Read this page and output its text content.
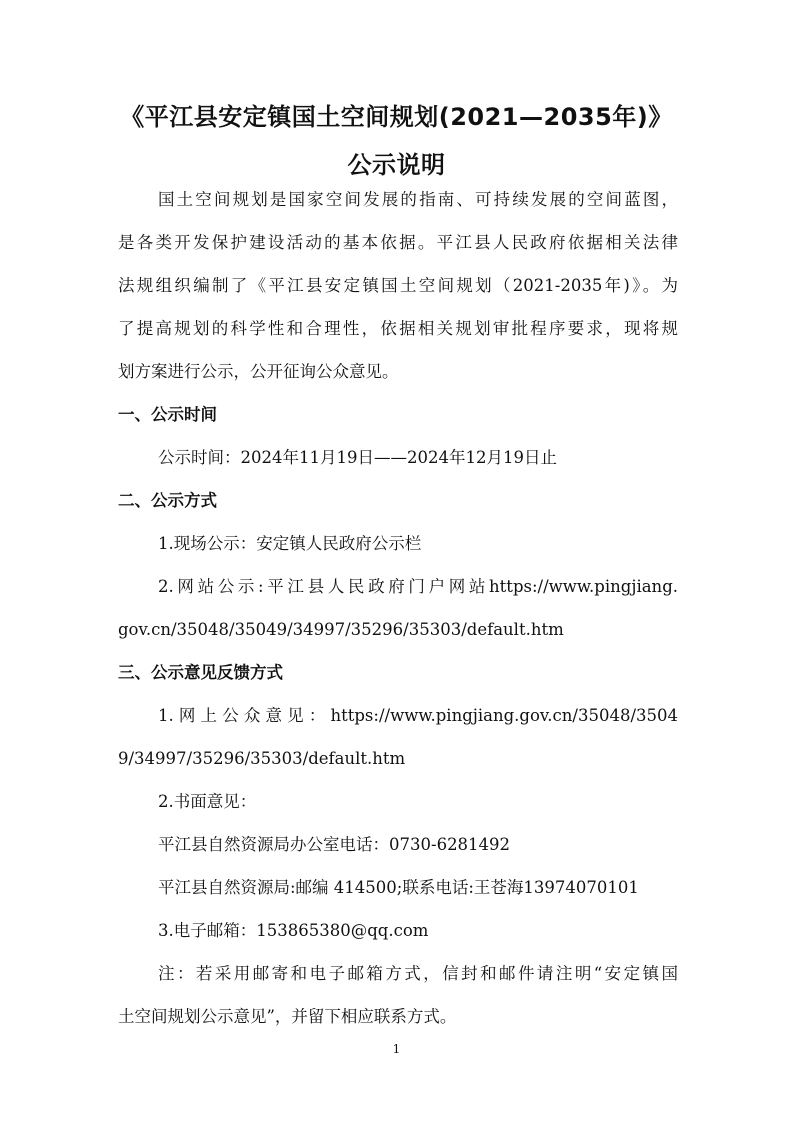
《平江县安定镇国土空间规划(2021—2035年)》
公示说明
国土空间规划是国家空间发展的指南、可持续发展的空间蓝图，
是各类开发保护建设活动的基本依据。平江县人民政府依据相关法律
法规组织编制了《平江县安定镇国土空间规划（2021-2035年)》。为
了提高规划的科学性和合理性，依据相关规划审批程序要求，现将规
划方案进行公示，公开征询公众意见。
一、公示时间
公示时间：2024年11月19日——2024年12月19日止
二、公示方式
1.现场公示：安定镇人民政府公示栏
2.网站公示:平江县人民政府门户网站https://www.pingjiang.
gov.cn/35048/35049/34997/35296/35303/default.htm
三、公示意见反馈方式
1.网上公众意见：https://www.pingjiang.gov.cn/35048/3504
9/34997/35296/35303/default.htm
2.书面意见：
平江县自然资源局办公室电话：0730-6281492
平江县自然资源局:邮编 414500;联系电话:王苍海13974070101
3.电子邮箱：153865380@qq.com
注：若采用邮寄和电子邮箱方式，信封和邮件请注明“安定镇国
土空间规划公示意见”，并留下相应联系方式。
1
